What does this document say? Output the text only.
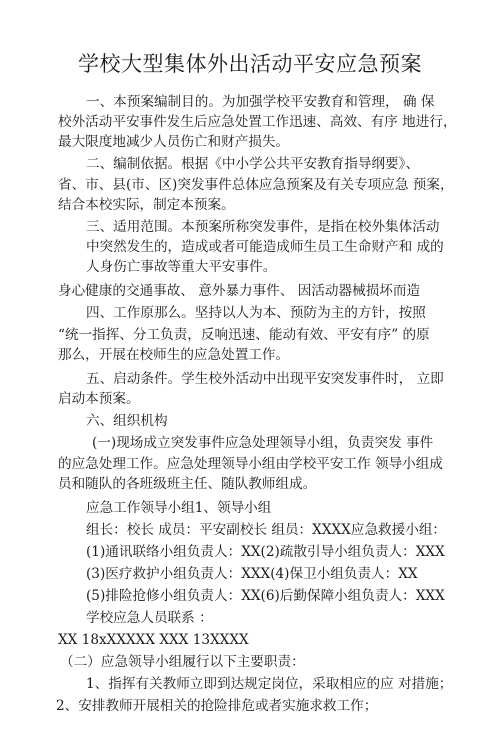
学校大型集体外出活动平安应急预案
一、本预案编制目的。为加强学校平安教育和管理， 确 保
校外活动平安事件发生后应急处置工作迅速、高效、有序 地进行，
最大限度地减少人员伤亡和财产损失。
二、编制依据。根据《中小学公共平安教育指导纲要》、
省、市、县(市、区)突发事件总体应急预案及有关专项应急 预案，
结合本校实际，制定本预案。
三、适用范围。本预案所称突发事件，是指在校外集体活动
中突然发生的，造成或者可能造成师生员工生命财产和 成的
人身伤亡事故等重大平安事件。
身心健康的交通事故、 意外暴力事件、 因活动器械损坏而造
四、工作原那么。坚持以人为本、预防为主的方针，按照
“统一指挥、分工负责，反响迅速、能动有效、平安有序” 的原
那么，开展在校师生的应急处置工作。
五、启动条件。学生校外活动中出现平安突发事件时， 立即
启动本预案。
六、组织机构
(一)现场成立突发事件应急处理领导小组，负责突发 事件
的应急处理工作。应急处理领导小组由学校平安工作 领导小组成
员和随队的各班级班主任、随队教师组成。
应急工作领导小组1、领导小组
组长：校长 成员：平安副校长 组员：XXXX应急救援小组：
(1)通讯联络小组负责人：XX(2)疏散引导小组负责人：XXX
(3)医疗救护小组负责人：XXX(4)保卫小组负责人：XX
(5)排险抢修小组负责人：XX(6)后勤保障小组负责人：XXX
学校应急人员联系 ：
XX 18xXXXXX XXX 13XXXX
（二）应急领导小组履行以下主要职责：
1、指挥有关教师立即到达规定岗位，采取相应的应 对措施；
2、安排教师开展相关的抢险排危或者实施求救工作；
